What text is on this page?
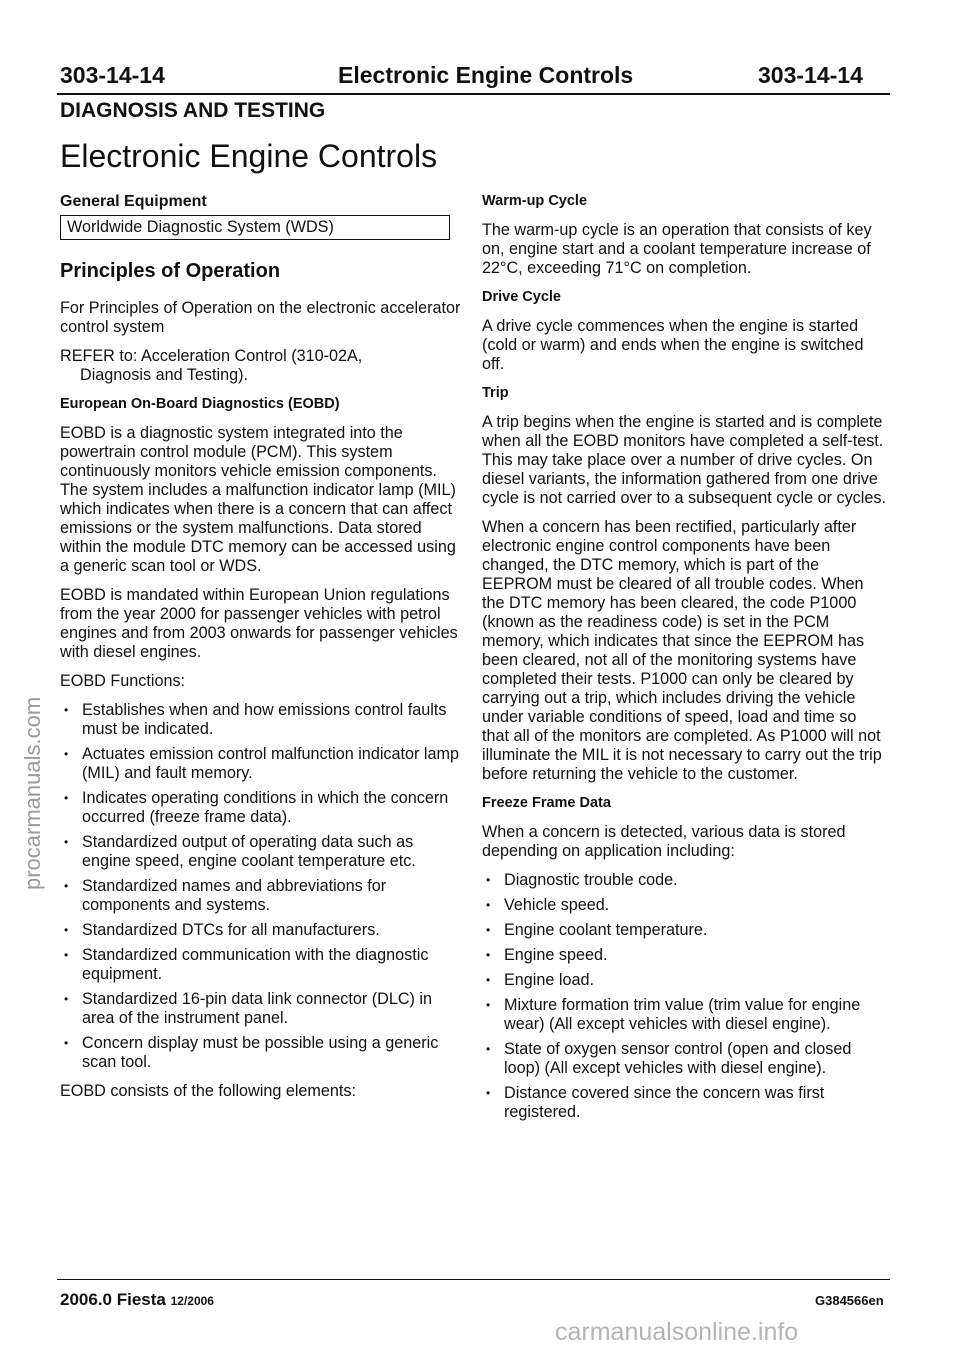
303-14-14	Electronic Engine Controls	303-14-14
DIAGNOSIS AND TESTING
Electronic Engine Controls
General Equipment
Worldwide Diagnostic System (WDS)
Principles of Operation

For Principles of Operation on the electronic accelerator control system

REFER to: Acceleration Control (310-02A,
Diagnosis and Testing).

European On-Board Diagnostics (EOBD)

EOBD is a diagnostic system integrated into the powertrain control module (PCM). This system continuously monitors vehicle emission components. The system includes a malfunction indicator lamp (MIL) which indicates when there is a concern that can affect emissions or the system malfunctions. Data stored within the module DTC memory can be accessed using a generic scan tool or WDS.

EOBD is mandated within European Union regulations from the year 2000 for passenger vehicles with petrol engines and from 2003 onwards for passenger vehicles with diesel engines.

EOBD Functions:

• Establishes when and how emissions control faults must be indicated.
• Actuates emission control malfunction indicator lamp (MIL) and fault memory.
• Indicates operating conditions in which the concern occurred (freeze frame data).
• Standardized output of operating data such as engine speed, engine coolant temperature etc.
• Standardized names and abbreviations for components and systems.
• Standardized DTCs for all manufacturers.
• Standardized communication with the diagnostic equipment.
• Standardized 16-pin data link connector (DLC) in area of the instrument panel.
• Concern display must be possible using a generic scan tool.

EOBD consists of the following elements:

Warm-up Cycle

The warm-up cycle is an operation that consists of key on, engine start and a coolant temperature increase of 22°C, exceeding 71°C on completion.

Drive Cycle

A drive cycle commences when the engine is started (cold or warm) and ends when the engine is switched off.

Trip

A trip begins when the engine is started and is complete when all the EOBD monitors have completed a self-test. This may take place over a number of drive cycles. On diesel variants, the information gathered from one drive cycle is not carried over to a subsequent cycle or cycles.

When a concern has been rectified, particularly after electronic engine control components have been changed, the DTC memory, which is part of the EEPROM must be cleared of all trouble codes. When the DTC memory has been cleared, the code P1000 (known as the readiness code) is set in the PCM memory, which indicates that since the EEPROM has been cleared, not all of the monitoring systems have completed their tests. P1000 can only be cleared by carrying out a trip, which includes driving the vehicle under variable conditions of speed, load and time so that all of the monitors are completed. As P1000 will not illuminate the MIL it is not necessary to carry out the trip before returning the vehicle to the customer.

Freeze Frame Data

When a concern is detected, various data is stored depending on application including:

• Diagnostic trouble code.
• Vehicle speed.
• Engine coolant temperature.
• Engine speed.
• Engine load.
• Mixture formation trim value (trim value for engine wear) (All except vehicles with diesel engine).
• State of oxygen sensor control (open and closed loop) (All except vehicles with diesel engine).
• Distance covered since the concern was first registered.
2006.0 Fiesta 12/2006	G384566en
procarmanuals.com
carmanualsonline.info
